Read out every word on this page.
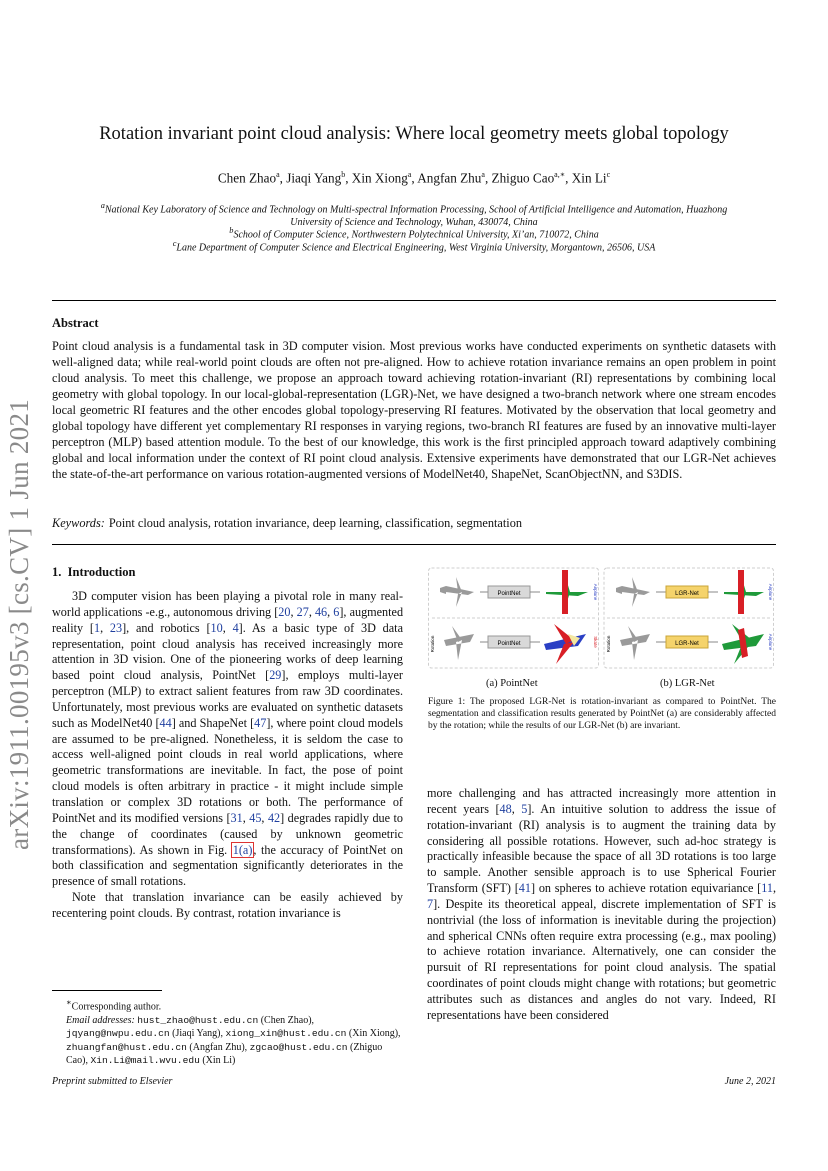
arXiv:1911.00195v3 [cs.CV] 1 Jun 2021
Rotation invariant point cloud analysis: Where local geometry meets global topology
Chen Zhao$^a$, Jiaqi Yang$^b$, Xin Xiong$^a$, Angfan Zhu$^a$, Zhiguo Cao$^{a,∗}$, Xin Li$^c$
$^a$National Key Laboratory of Science and Technology on Multi-spectral Information Processing, School of Artificial Intelligence and Automation, Huazhong
University of Science and Technology, Wuhan, 430074, China
$^b$School of Computer Science, Northwestern Polytechnical University, Xi’an, 710072, China
$^c$Lane Department of Computer Science and Electrical Engineering, West Virginia University, Morgantown, 26506, USA
Abstract
Point cloud analysis is a fundamental task in 3D computer vision. Most previous works have conducted experiments on synthetic datasets with well-aligned data; while real-world point clouds are often not pre-aligned. How to achieve rotation invariance remains an open problem in point cloud analysis. To meet this challenge, we propose an approach toward achieving rotation-invariant (RI) representations by combining local geometry with global topology. In our local-global-representation (LGR)-Net, we have designed a two-branch network where one stream encodes local geometric RI features and the other encodes global topology-preserving RI features. Motivated by the observation that local geometry and global topology have different yet complementary RI responses in varying regions, two-branch RI features are fused by an innovative multi-layer perceptron (MLP) based attention module. To the best of our knowledge, this work is the first principled approach toward adaptively combining global and local information under the context of RI point cloud analysis. Extensive experiments have demonstrated that our LGR-Net achieves the state-of-the-art performance on various rotation-augmented versions of ModelNet40, ShapeNet, ScanObjectNN, and S3DIS.
Keywords: Point cloud analysis, rotation invariance, deep learning, classification, segmentation
1. Introduction

3D computer vision has been playing a pivotal role in many real-world applications -e.g., autonomous driving [20, 27, 46, 6], augmented reality [1, 23], and robotics [10, 4]. As a basic type of 3D data representation, point cloud analysis has received increasingly more attention in 3D vision. One of the pioneering works of deep learning based point cloud analysis, PointNet [29], employs multi-layer perceptron (MLP) to extract salient features from raw 3D coordinates. Unfortunately, most previous works are evaluated on synthetic datasets such as ModelNet40 [44] and ShapeNet [47], where point cloud models are assumed to be pre-aligned. Nonetheless, it is seldom the case to access well-aligned point clouds in real world applications, where geometric transformations are inevitable. In fact, the pose of point cloud models is often arbitrary in practice - it might include simple translation or complex 3D rotations or both. The performance of PointNet and its modified versions [31, 45, 42] degrades rapidly due to the change of coordinates (caused by unknown geometric transformations). As shown in Fig. 1(a), the accuracy of PointNet on both classification and segmentation significantly deteriorates in the presence of small rotations.

Note that translation invariance can be easily achieved by recentering point clouds. By contrast, rotation invariance is

PointNet	Airplane
Rotation	PointNet	Skate
LGR-Net	Airplane
Rotation	LGR-Net	Airplane
(a) PointNet	(b) LGR-Net
Figure 1: The proposed LGR-Net is rotation-invariant as compared to PointNet. The segmentation and classification results generated by PointNet (a) are considerably affected by the rotation; while the results of our LGR-Net (b) are invariant.

more challenging and has attracted increasingly more attention in recent years [48, 5]. An intuitive solution to address the issue of rotation-invariant (RI) analysis is to augment the training data by considering all possible rotations. However, such ad-hoc strategy is practically infeasible because the space of all 3D rotations is too large to sample. Another sensible approach is to use Spherical Fourier Transform (SFT) [41] on spheres to achieve rotation equivariance [11, 7]. Despite its theoretical appeal, discrete implementation of SFT is nontrivial (the loss of information is inevitable during the projection) and spherical CNNs often require extra processing (e.g., max pooling) to achieve rotation invariance. Alternatively, one can consider the pursuit of RI representations for point cloud analysis. The spatial coordinates of point clouds might change with rotations; but geometric attributes such as distances and angles do not vary. Indeed, RI representations have been considered

∗Corresponding author.
Email addresses: hust_zhao@hust.edu.cn (Chen Zhao), jqyang@nwpu.edu.cn (Jiaqi Yang), xiong_xin@hust.edu.cn (Xin Xiong), zhuangfan@hust.edu.cn (Angfan Zhu), zgcao@hust.edu.cn (Zhiguo Cao), Xin.Li@mail.wvu.edu (Xin Li)
Preprint submitted to Elsevier	June 2, 2021
